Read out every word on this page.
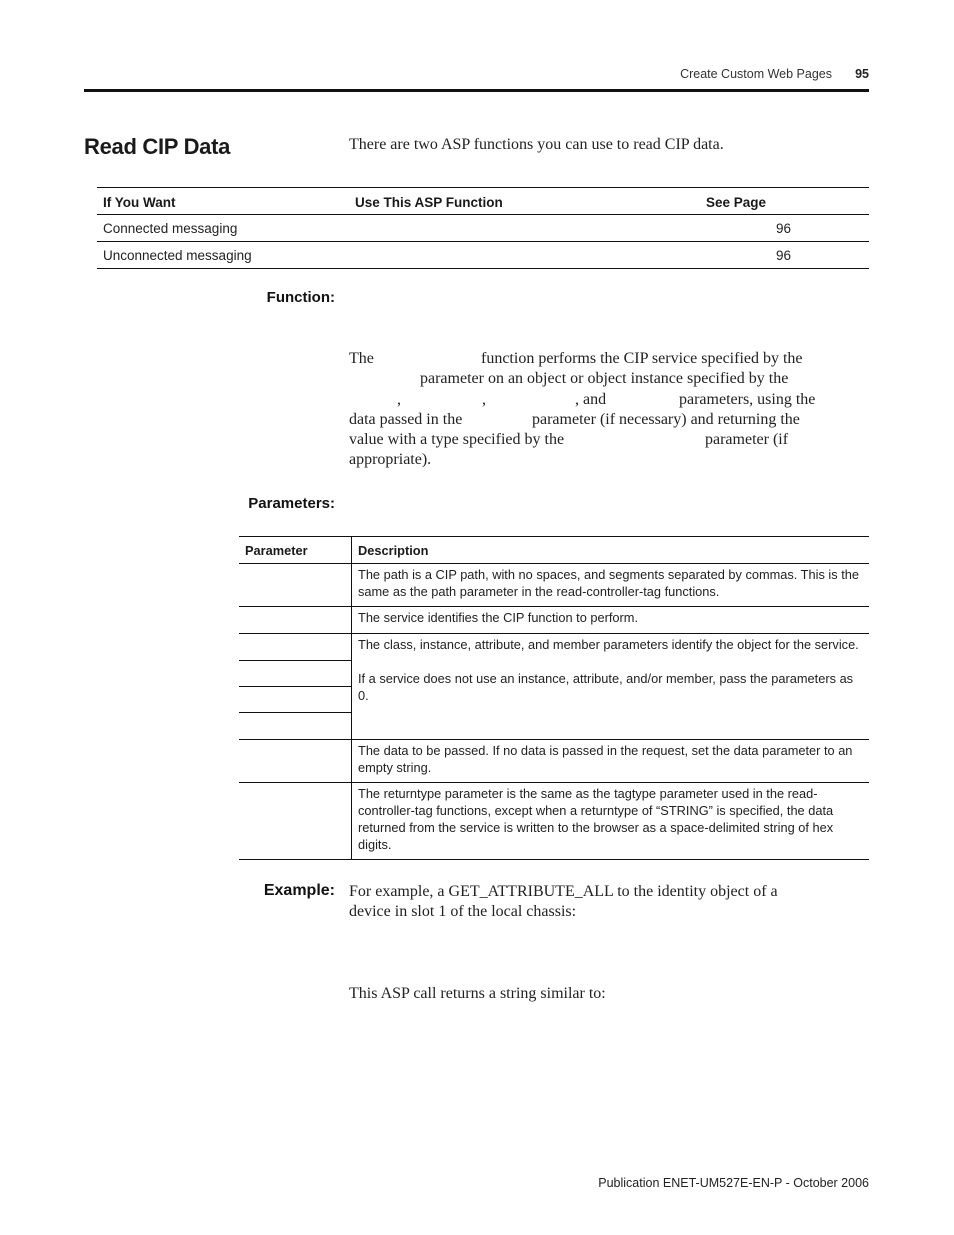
Create Custom Web Pages 95
Read CIP Data	There are two ASP functions you can use to read CIP data.
If You Want	Use This ASP Function	See Page
Connected messaging		96
Unconnected messaging		96
Function:
The	function performs the CIP service specified by the
parameter on an object or object instance specified by the
,	,	, and	parameters, using the
data passed in the	parameter (if necessary) and returning the
value with a type specified by the	parameter (if
appropriate).
Parameters:
Parameter	Description
	The path is a CIP path, with no spaces, and segments separated by commas. This is the same as the path parameter in the read-controller-tag functions.
	The service identifies the CIP function to perform.

	The class, instance, attribute, and member parameters identify the object for the service.
If a service does not use an instance, attribute, and/or member, pass the parameters as 0.

	The data to be passed. If no data is passed in the request, set the data parameter to an empty string.
	The returntype parameter is the same as the tagtype parameter used in the read-controller-tag functions, except when a returntype of “STRING” is specified, the data returned from the service is written to the browser as a space-delimited string of hex digits.
Example: For example, a GET_ATTRIBUTE_ALL to the identity object of a
device in slot 1 of the local chassis:
This ASP call returns a string similar to:
Publication ENET-UM527E-EN-P - October 2006
